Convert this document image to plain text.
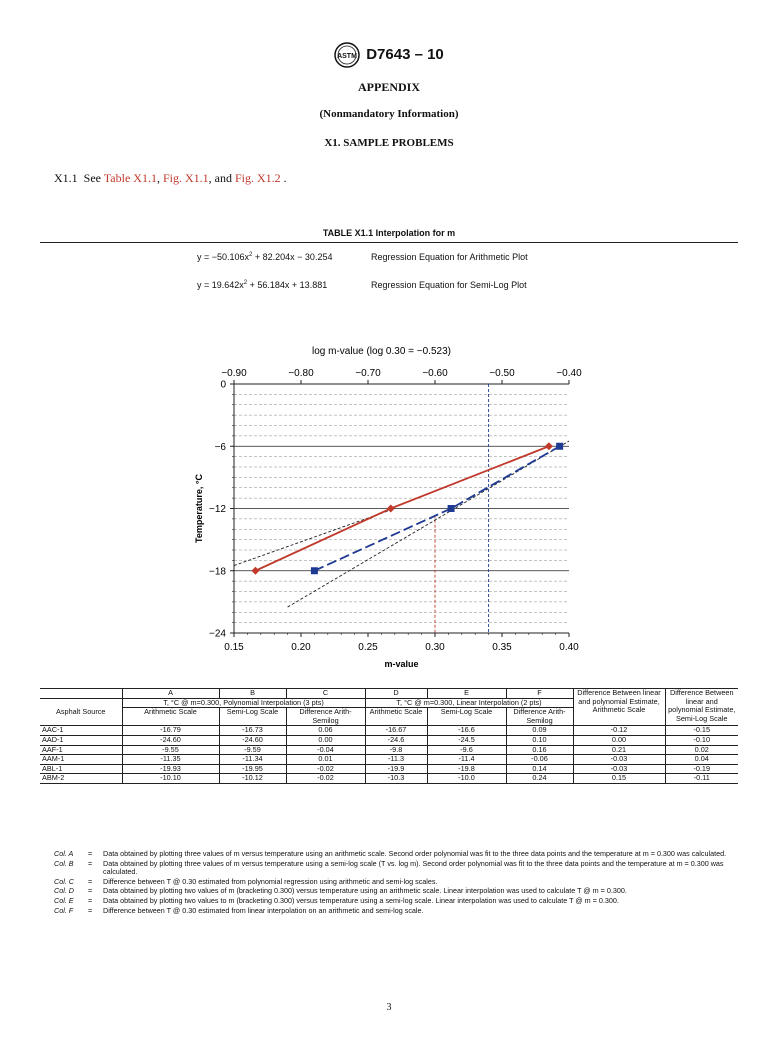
ASTM D7643 – 10
APPENDIX
(Nonmandatory Information)
X1. SAMPLE PROBLEMS
X1.1 See Table X1.1, Fig. X1.1, and Fig. X1.2 .
TABLE X1.1 Interpolation for m
$y = -50.106x^2 + 82.204x - 30.254$	Regression Equation for Arithmetic Plot
$y = 19.642x^2 + 56.184x + 13.881$	Regression Equation for Semi-Log Plot
0
−6
−12
−18
−24
0.15	0.20	0.25	0.30	0.35	0.40
−0.90	−0.80	−0.70	−0.60	−0.50	−0.40
log m-value (log 0.30 = −0.523)
m-value
Temperature, °C
	A	B	C	D	E	F	Difference Between linear and polynomial Estimate, Arithmetic Scale	Difference Between linear and polynomial Estimate, Semi-Log Scale
	T, °C @ m=0.300, Polynomial Interpolation (3 pts)			T, °C @ m=0.300, Linear Interpolation (2 pts)				
Asphalt Source	Arithmetic Scale	Semi-Log Scale	Difference Arith- Semilog	Arithmetic Scale	Semi-Log Scale	Difference Arith- Semilog		
AAC-1	-16.79	-16.73	0.06	-16.67	-16.6	0.09	-0.12	-0.15
AAD-1	-24.60	-24.60	0.00	-24.6	-24.5	0.10	0.00	-0.10
AAF-1	-9.55	-9.59	-0.04	-9.8	-9.6	0.16	0.21	0.02
AAM-1	-11.35	-11.34	0.01	-11.3	-11.4	-0.06	-0.03	0.04
ABL-1	-19.93	-19.95	-0.02	-19.9	-19.8	0.14	-0.03	-0.19
ABM-2	-10.10	-10.12	-0.02	-10.3	-10.0	0.24	0.15	-0.11
Col. A = Data obtained by plotting three values of m versus temperature using an arithmetic scale. Second order polynomial was fit to the three data points and the temperature at m = 0.300 was calculated.
Col. B = Data obtained by plotting three values of m versus temperature using a semi-log scale (T vs. log m). Second order polynomial was fit to the three data points and the temperature at m = 0.300 was calculated.
Col. C = Difference between T @ 0.30 estimated from polynomial regression using arithmetic and semi-log scales.
Col. D = Data obtained by plotting two values of m (bracketing 0.300) versus temperature using an arithmetic scale. Linear interpolation was used to calculate T @ m = 0.300.
Col. E = Data obtained by plotting two values to m (bracketing 0.300) versus temperature using a semi-log scale. Linear interpolation was used to calculate T @ m = 0.300.
Col. F = Difference between T @ 0.30 estimated from linear interpolation on an arithmetic and semi-log scale.
3
